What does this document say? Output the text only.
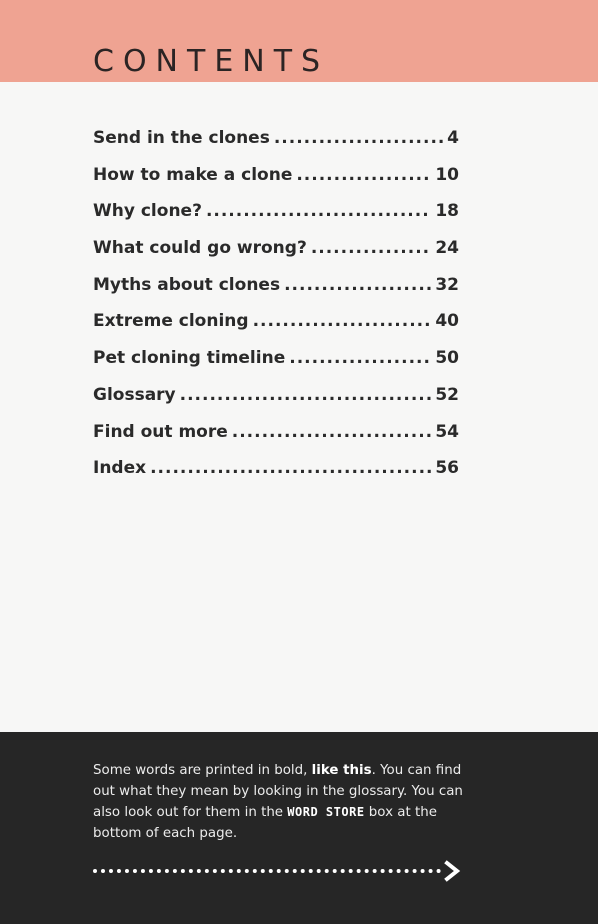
CONTENTS
Send in the clones .....	4
How to make a clone .....	10
Why clone? .....	18
What could go wrong? .....	24
Myths about clones .....	32
Extreme cloning .....	40
Pet cloning timeline .....	50
Glossary .....	52
Find out more .....	54
Index .....	56

Some words are printed in bold, like this. You can find out what they mean by looking in the glossary. You can also look out for them in the WORD STORE box at the bottom of each page.
